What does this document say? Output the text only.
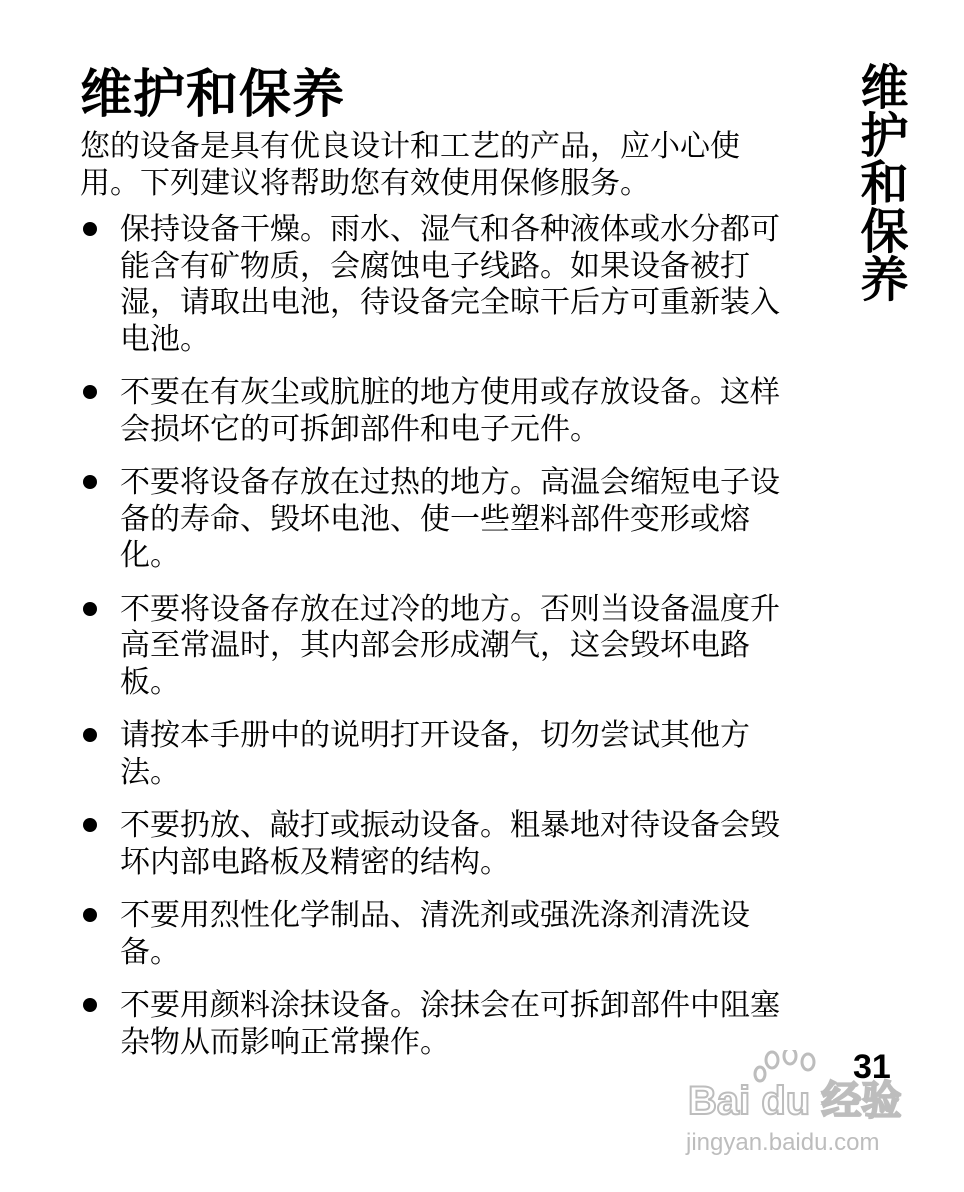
维护和保养

您的设备是具有优良设计和工艺的产品，应小心使用。下列建议将帮助您有效使用保修服务。

保持设备干燥。雨水、湿气和各种液体或水分都可能含有矿物质，会腐蚀电子线路。如果设备被打湿，请取出电池，待设备完全晾干后方可重新装入电池。
不要在有灰尘或肮脏的地方使用或存放设备。这样会损坏它的可拆卸部件和电子元件。
不要将设备存放在过热的地方。高温会缩短电子设备的寿命、毁坏电池、使一些塑料部件变形或熔化。
不要将设备存放在过冷的地方。否则当设备温度升高至常温时，其内部会形成潮气，这会毁坏电路板。
请按本手册中的说明打开设备，切勿尝试其他方法。
不要扔放、敲打或振动设备。粗暴地对待设备会毁坏内部电路板及精密的结构。
不要用烈性化学制品、清洗剂或强洗涤剂清洗设备。
不要用颜料涂抹设备。涂抹会在可拆卸部件中阻塞杂物从而影响正常操作。
维护和保养
31
Bai du 经验
jingyan.baidu.com
